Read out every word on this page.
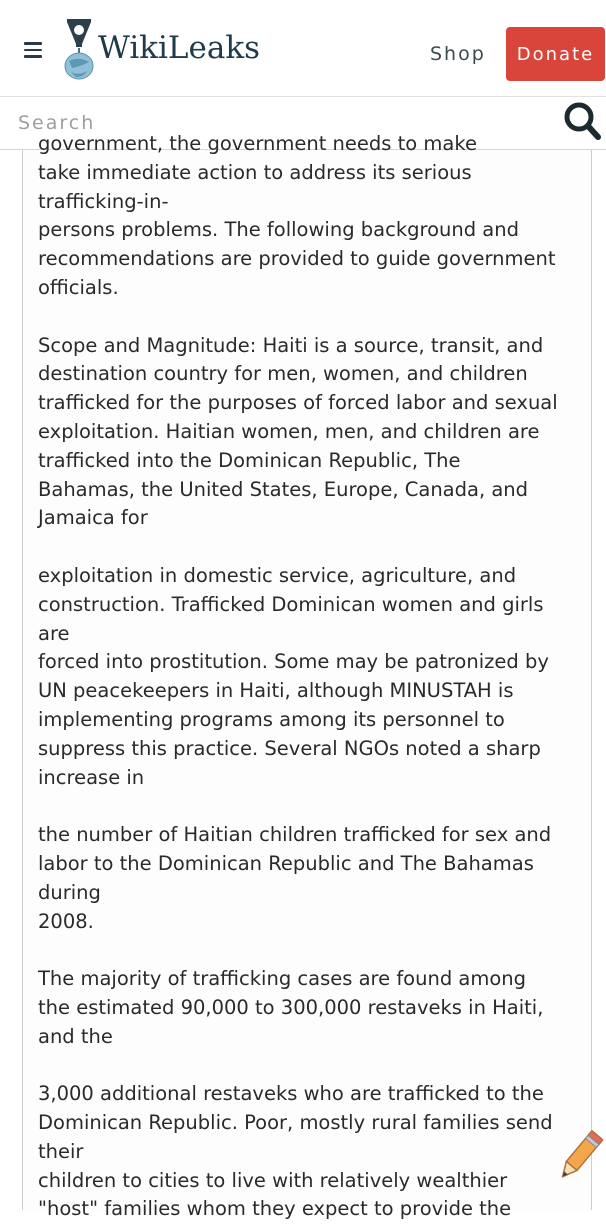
WikiLeaks	Shop	Donate
Search
government, the government needs to make
take immediate action to address its serious
trafficking-in-
persons problems. The following background and
recommendations are provided to guide government
officials.
Scope and Magnitude: Haiti is a source, transit, and
destination country for men, women, and children
trafficked for the purposes of forced labor and sexual
exploitation. Haitian women, men, and children are
trafficked into the Dominican Republic, The
Bahamas, the United States, Europe, Canada, and
Jamaica for
exploitation in domestic service, agriculture, and
construction. Trafficked Dominican women and girls
are
forced into prostitution. Some may be patronized by
UN peacekeepers in Haiti, although MINUSTAH is
implementing programs among its personnel to
suppress this practice. Several NGOs noted a sharp
increase in
the number of Haitian children trafficked for sex and
labor to the Dominican Republic and The Bahamas
during
2008.
The majority of trafficking cases are found among
the estimated 90,000 to 300,000 restaveks in Haiti,
and the
3,000 additional restaveks who are trafficked to the
Dominican Republic. Poor, mostly rural families send
their
children to cities to live with relatively wealthier
"host" families whom they expect to provide the
